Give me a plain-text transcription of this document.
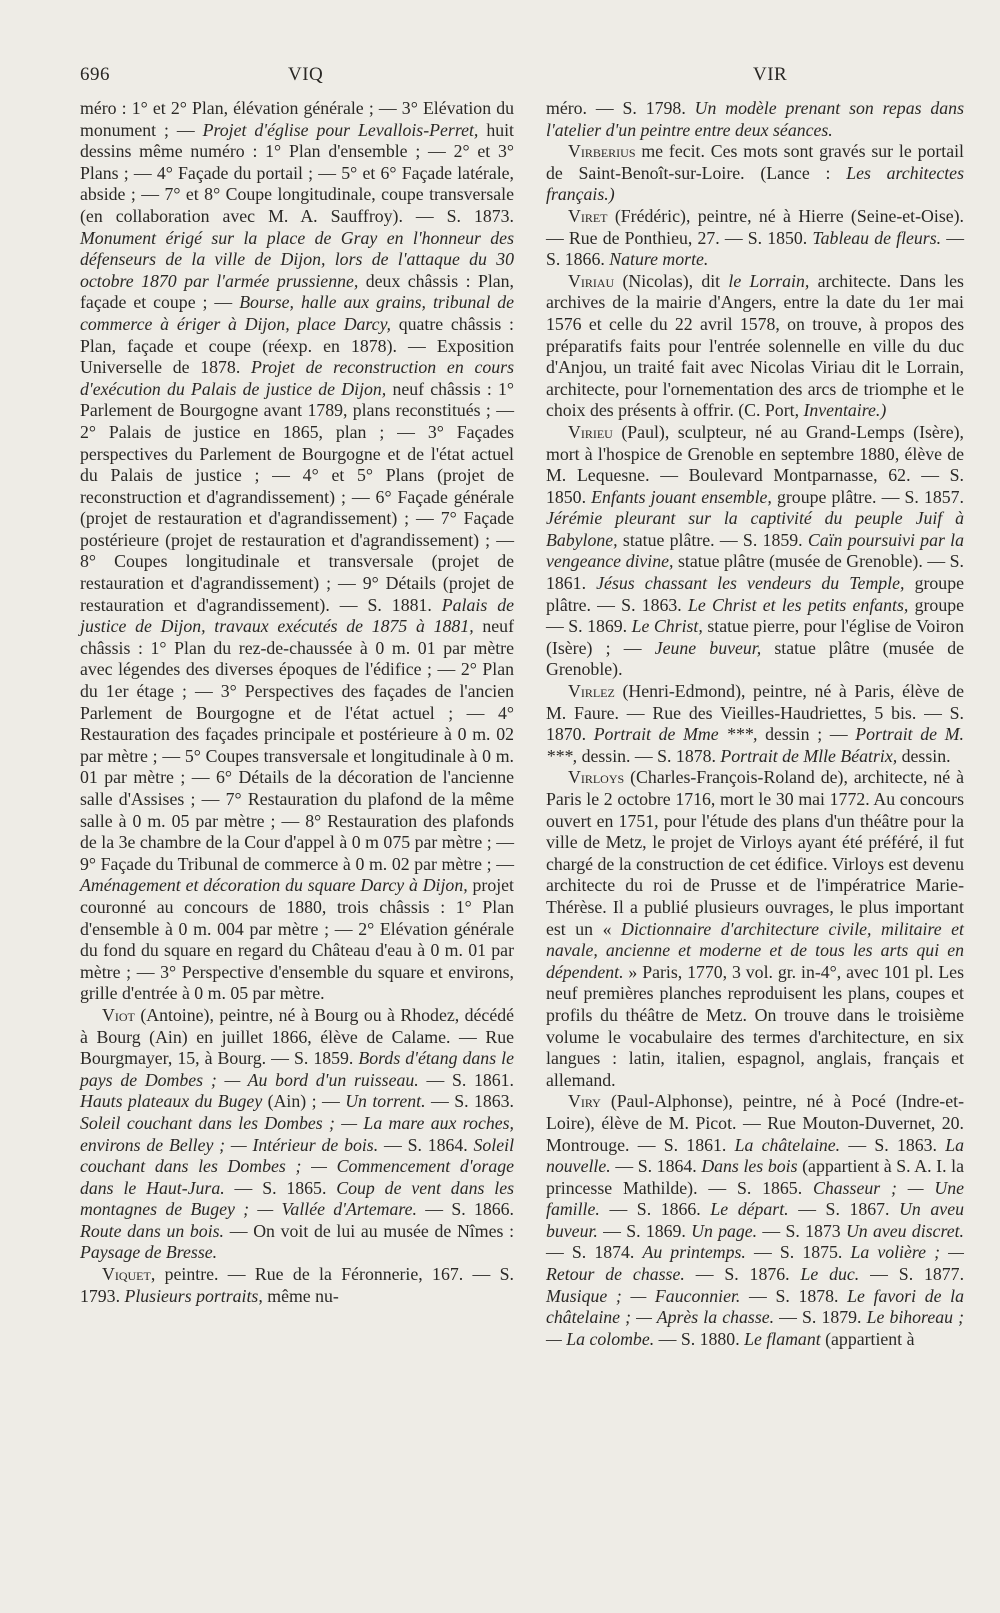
696	VIQ	VIR

méro : 1° et 2° Plan, élévation générale ; — 3° Elévation du monument ; — Projet d'église pour Levallois-Perret, huit dessins même numéro : 1° Plan d'ensemble ; — 2° et 3° Plans ; — 4° Façade du portail ; — 5° et 6° Façade latérale, abside ; — 7° et 8° Coupe longitudinale, coupe transversale (en collaboration avec M. A. Sauffroy). — S. 1873. Monument érigé sur la place de Gray en l'honneur des défenseurs de la ville de Dijon, lors de l'attaque du 30 octobre 1870 par l'armée prussienne, deux châssis : Plan, façade et coupe ; — Bourse, halle aux grains, tribunal de commerce à ériger à Dijon, place Darcy, quatre châssis : Plan, façade et coupe (réexp. en 1878). — Exposition Universelle de 1878. Projet de reconstruction en cours d'exécution du Palais de justice de Dijon, neuf châssis : 1° Parlement de Bourgogne avant 1789, plans reconstitués ; — 2° Palais de justice en 1865, plan ; — 3° Façades perspectives du Parlement de Bourgogne et de l'état actuel du Palais de justice ; — 4° et 5° Plans (projet de reconstruction et d'agrandissement) ; — 6° Façade générale (projet de restauration et d'agrandissement) ; — 7° Façade postérieure (projet de restauration et d'agrandissement) ; — 8° Coupes longitudinale et transversale (projet de restauration et d'agrandissement) ; — 9° Détails (projet de restauration et d'agrandissement). — S. 1881. Palais de justice de Dijon, travaux exécutés de 1875 à 1881, neuf châssis : 1° Plan du rez-de-chaussée à 0 m. 01 par mètre avec légendes des diverses époques de l'édifice ; — 2° Plan du 1er étage ; — 3° Perspectives des façades de l'ancien Parlement de Bourgogne et de l'état actuel ; — 4° Restauration des façades principale et postérieure à 0 m. 02 par mètre ; — 5° Coupes transversale et longitudinale à 0 m. 01 par mètre ; — 6° Détails de la décoration de l'ancienne salle d'Assises ; — 7° Restauration du plafond de la même salle à 0 m. 05 par mètre ; — 8° Restauration des plafonds de la 3e chambre de la Cour d'appel à 0 m 075 par mètre ; — 9° Façade du Tribunal de commerce à 0 m. 02 par mètre ; — Aménagement et décoration du square Darcy à Dijon, projet couronné au concours de 1880, trois châssis : 1° Plan d'ensemble à 0 m. 004 par mètre ; — 2° Elévation générale du fond du square en regard du Château d'eau à 0 m. 01 par mètre ; — 3° Perspective d'ensemble du square et environs, grille d'entrée à 0 m. 05 par mètre.

Viot (Antoine), peintre, né à Bourg ou à Rhodez, décédé à Bourg (Ain) en juillet 1866, élève de Calame. — Rue Bourgmayer, 15, à Bourg. — S. 1859. Bords d'étang dans le pays de Dombes ; — Au bord d'un ruisseau. — S. 1861. Hauts plateaux du Bugey (Ain) ; — Un torrent. — S. 1863. Soleil couchant dans les Dombes ; — La mare aux roches, environs de Belley ; — Intérieur de bois. — S. 1864. Soleil couchant dans les Dombes ; — Commencement d'orage dans le Haut-Jura. — S. 1865. Coup de vent dans les montagnes de Bugey ; — Vallée d'Artemare. — S. 1866. Route dans un bois. — On voit de lui au musée de Nîmes : Paysage de Bresse.

Viquet, peintre. — Rue de la Féronnerie, 167. — S. 1793. Plusieurs portraits, même nu-

méro. — S. 1798. Un modèle prenant son repas dans l'atelier d'un peintre entre deux séances.

Virberius me fecit. Ces mots sont gravés sur le portail de Saint-Benoît-sur-Loire. (Lance : Les architectes français.)

Viret (Frédéric), peintre, né à Hierre (Seine-et-Oise). — Rue de Ponthieu, 27. — S. 1850. Tableau de fleurs. — S. 1866. Nature morte.

Viriau (Nicolas), dit le Lorrain, architecte. Dans les archives de la mairie d'Angers, entre la date du 1er mai 1576 et celle du 22 avril 1578, on trouve, à propos des préparatifs faits pour l'entrée solennelle en ville du duc d'Anjou, un traité fait avec Nicolas Viriau dit le Lorrain, architecte, pour l'ornementation des arcs de triomphe et le choix des présents à offrir. (C. Port, Inventaire.)

Virieu (Paul), sculpteur, né au Grand-Lemps (Isère), mort à l'hospice de Grenoble en septembre 1880, élève de M. Lequesne. — Boulevard Montparnasse, 62. — S. 1850. Enfants jouant ensemble, groupe plâtre. — S. 1857. Jérémie pleurant sur la captivité du peuple Juif à Babylone, statue plâtre. — S. 1859. Caïn poursuivi par la vengeance divine, statue plâtre (musée de Grenoble). — S. 1861. Jésus chassant les vendeurs du Temple, groupe plâtre. — S. 1863. Le Christ et les petits enfants, groupe — S. 1869. Le Christ, statue pierre, pour l'église de Voiron (Isère) ; — Jeune buveur, statue plâtre (musée de Grenoble).

Virlez (Henri-Edmond), peintre, né à Paris, élève de M. Faure. — Rue des Vieilles-Haudriettes, 5 bis. — S. 1870. Portrait de Mme ***, dessin ; — Portrait de M. ***, dessin. — S. 1878. Portrait de Mlle Béatrix, dessin.

Virloys (Charles-François-Roland de), architecte, né à Paris le 2 octobre 1716, mort le 30 mai 1772. Au concours ouvert en 1751, pour l'étude des plans d'un théâtre pour la ville de Metz, le projet de Virloys ayant été préféré, il fut chargé de la construction de cet édifice. Virloys est devenu architecte du roi de Prusse et de l'impératrice Marie-Thérèse. Il a publié plusieurs ouvrages, le plus important est un « Dictionnaire d'architecture civile, militaire et navale, ancienne et moderne et de tous les arts qui en dépendent. » Paris, 1770, 3 vol. gr. in-4°, avec 101 pl. Les neuf premières planches reproduisent les plans, coupes et profils du théâtre de Metz. On trouve dans le troisième volume le vocabulaire des termes d'architecture, en six langues : latin, italien, espagnol, anglais, français et allemand.

Viry (Paul-Alphonse), peintre, né à Pocé (Indre-et-Loire), élève de M. Picot. — Rue Mouton-Duvernet, 20. Montrouge. — S. 1861. La châtelaine. — S. 1863. La nouvelle. — S. 1864. Dans les bois (appartient à S. A. I. la princesse Mathilde). — S. 1865. Chasseur ; — Une famille. — S. 1866. Le départ. — S. 1867. Un aveu buveur. — S. 1869. Un page. — S. 1873 Un aveu discret. — S. 1874. Au printemps. — S. 1875. La volière ; — Retour de chasse. — S. 1876. Le duc. — S. 1877. Musique ; — Fauconnier. — S. 1878. Le favori de la châtelaine ; — Après la chasse. — S. 1879. Le bihoreau ; — La colombe. — S. 1880. Le flamant (appartient à
